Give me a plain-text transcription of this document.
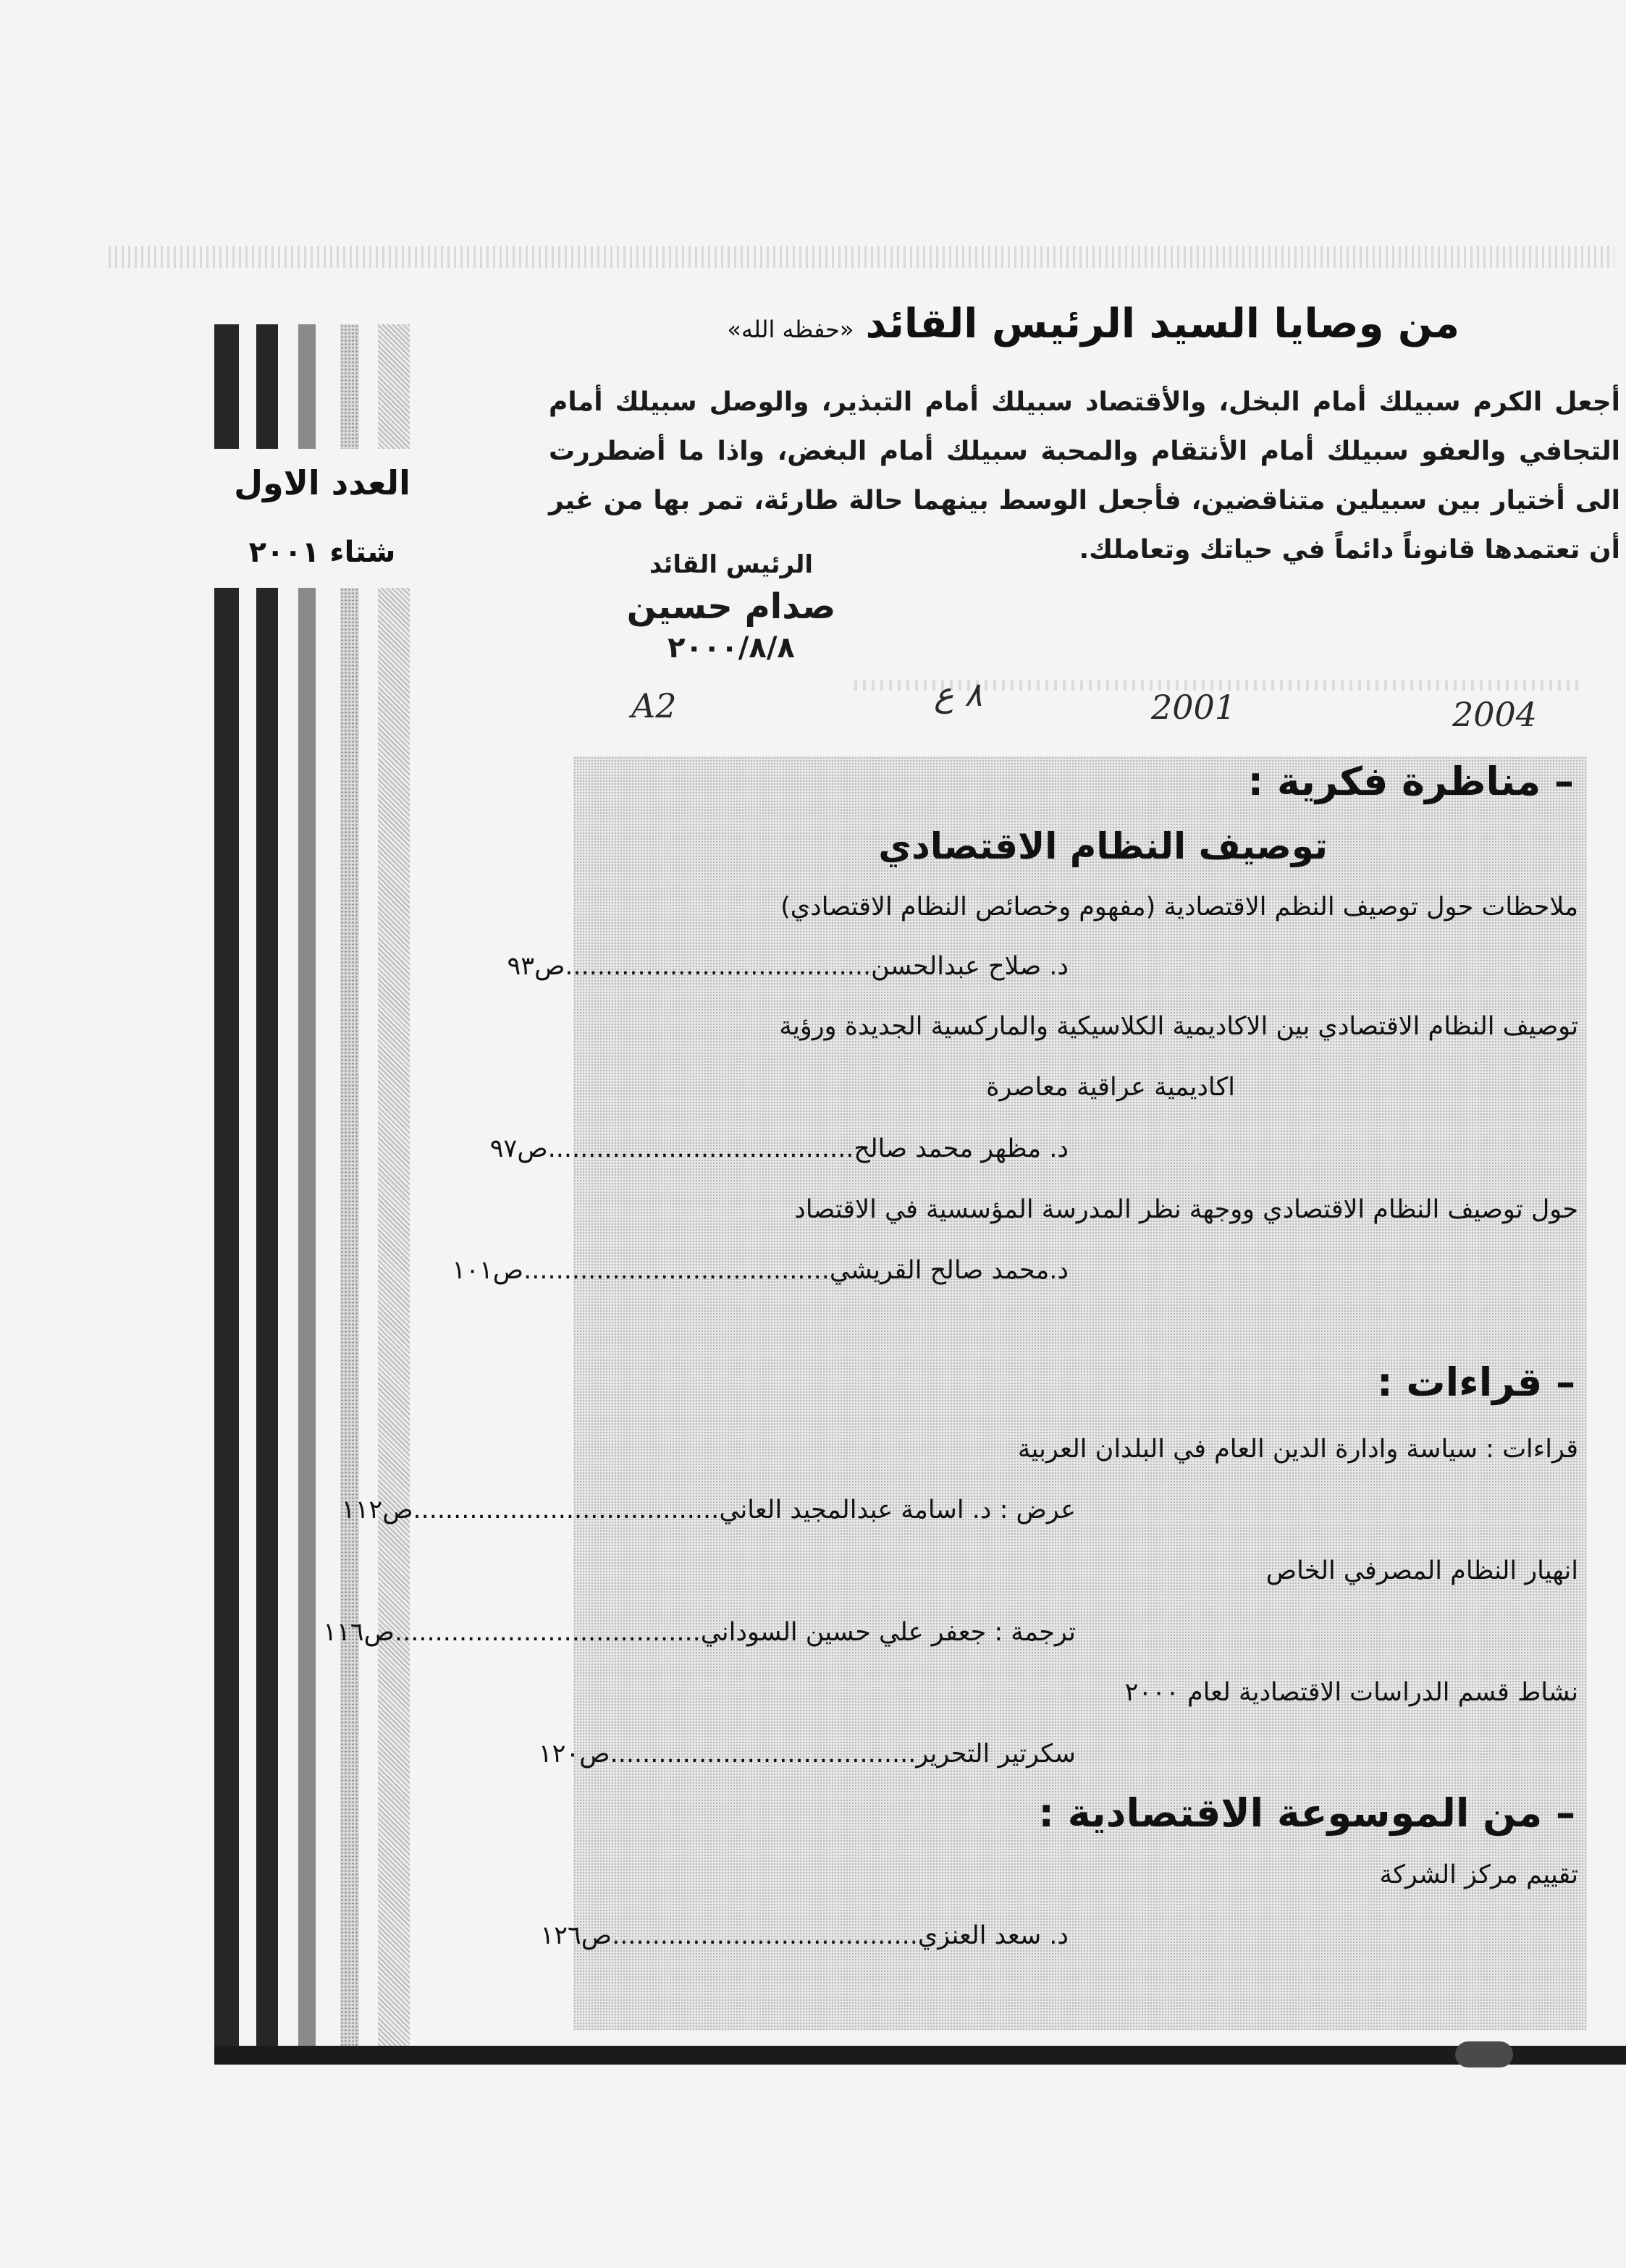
العدد الاول
شتاء ٢٠٠١
من وصايا السيد الرئيس القائد«حفظه الله»
أجعل الكرم سبيلك أمام البخل، والأقتصاد سبيلك أمام التبذير، والوصل سبيلك أمام التجافي والعفو سبيلك أمام الأنتقام والمحبة سبيلك أمام البغض، واذا ما أضطررت الى أختيار بين سبيلين متناقضين، فأجعل الوسط بينهما حالة طارئة، تمر بها من غير أن تعتمدها قانوناً دائماً في حياتك وتعاملك.
الرئيس القائد
صدام حسين
٢٠٠٠/٨/٨
A2	٨ ع	2001	2004
– مناظرة فكرية :
توصيف النظام الاقتصادي
ملاحظات حول توصيف النظم الاقتصادية (مفهوم وخصائص النظام الاقتصادي)
د. صلاح عبدالحسن......................................ص٩٣
توصيف النظام الاقتصادي بين الاكاديمية الكلاسيكية والماركسية الجديدة ورؤية
اكاديمية عراقية معاصرة
د. مظهر محمد صالح......................................ص٩٧
حول توصيف النظام الاقتصادي ووجهة نظر المدرسة المؤسسية في الاقتصاد
د.محمد صالح القريشي......................................ص١٠١
– قراءات :
قراءات : سياسة وادارة الدين العام في البلدان العربية
عرض : د. اسامة عبدالمجيد العاني......................................ص١١٢
انهيار النظام المصرفي الخاص
ترجمة : جعفر علي حسين السوداني......................................ص١١٦
نشاط قسم الدراسات الاقتصادية لعام ٢٠٠٠
سكرتير التحرير......................................ص١٢٠
– من الموسوعة الاقتصادية :
تقييم مركز الشركة
د. سعد العنزي......................................ص١٢٦
